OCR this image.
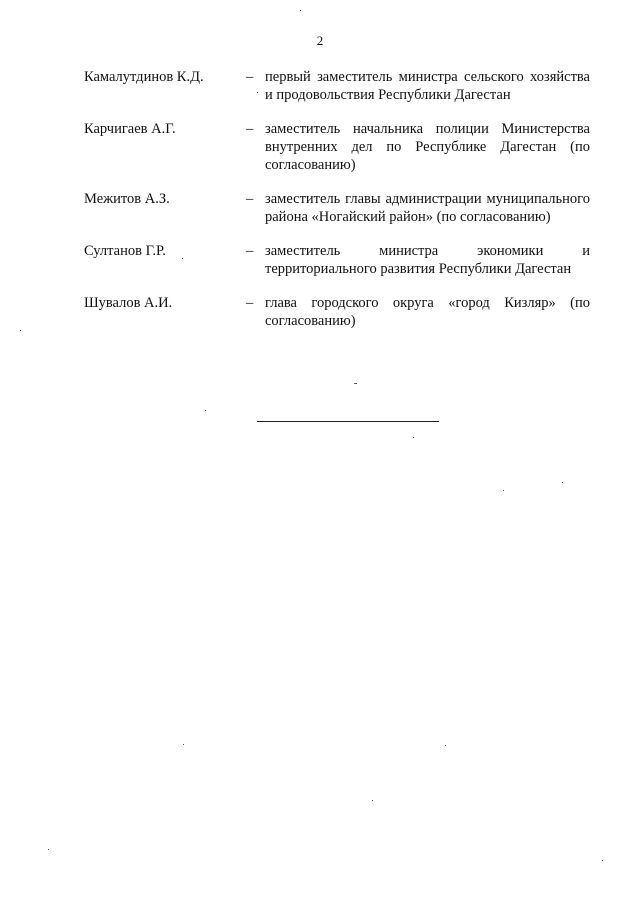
2
Камалутдинов К.Д.	– первый заместитель министра сельского хозяйства и продовольствия Республики Дагестан
Карчигаев А.Г.	– заместитель начальника полиции Министерства внутренних дел по Республике Дагестан (по согласованию)
Межитов А.З.	– заместитель главы администрации муниципального района «Ногайский район» (по согласованию)
Султанов Г.Р.	– заместитель министра экономики и территориального развития Республики Дагестан
Шувалов А.И.	– глава городского округа «город Кизляр» (по согласованию)
